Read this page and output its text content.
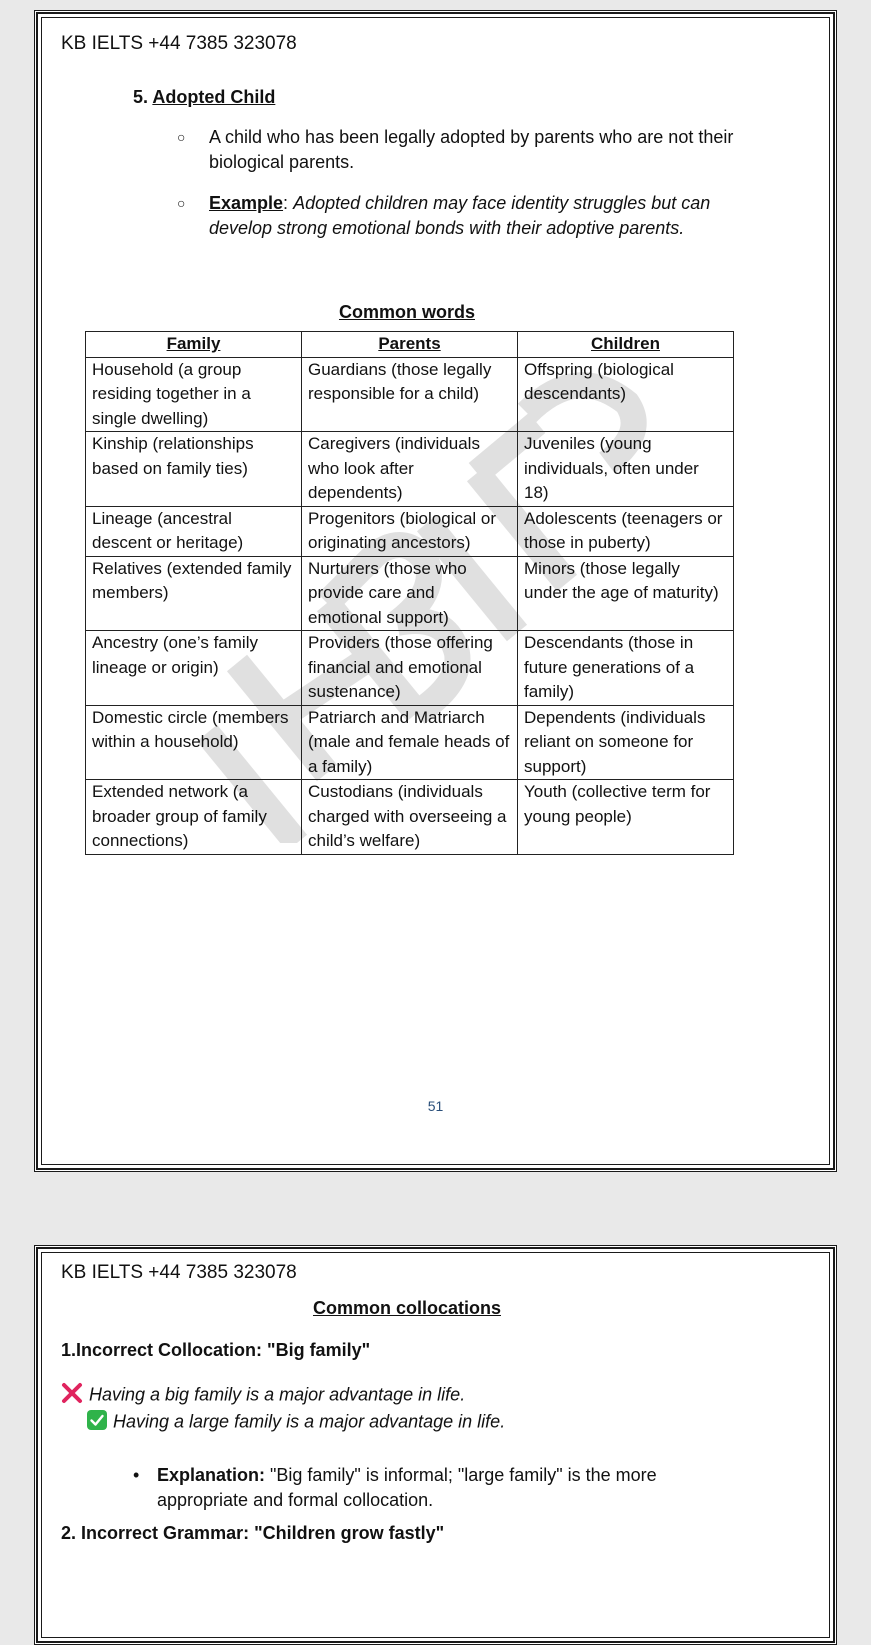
KB IELTS +44 7385 323078
5. Adopted Child
○ A child who has been legally adopted by parents who are not their biological parents.
○ Example: Adopted children may face identity struggles but can develop strong emotional bonds with their adoptive parents.
Common words
Family	Parents	Children
Household (a group residing together in a single dwelling)	Guardians (those legally responsible for a child)	Offspring (biological descendants)
Kinship (relationships based on family ties)	Caregivers (individuals who look after dependents)	Juveniles (young individuals, often under 18)
Lineage (ancestral descent or heritage)	Progenitors (biological or originating ancestors)	Adolescents (teenagers or those in puberty)
Relatives (extended family members)	Nurturers (those who provide care and emotional support)	Minors (those legally under the age of maturity)
Ancestry (one’s family lineage or origin)	Providers (those offering financial and emotional sustenance)	Descendants (those in future generations of a family)
Domestic circle (members within a household)	Patriarch and Matriarch (male and female heads of a family)	Dependents (individuals reliant on someone for support)
Extended network (a broader group of family connections)	Custodians (individuals charged with overseeing a child’s welfare)	Youth (collective term for young people)
51
KB IELTS +44 7385 323078
Common collocations
1.Incorrect Collocation: "Big family"
Having a big family is a major advantage in life.
Having a large family is a major advantage in life.
• Explanation: "Big family" is informal; "large family" is the more appropriate and formal collocation.
2. Incorrect Grammar: "Children grow fastly"
